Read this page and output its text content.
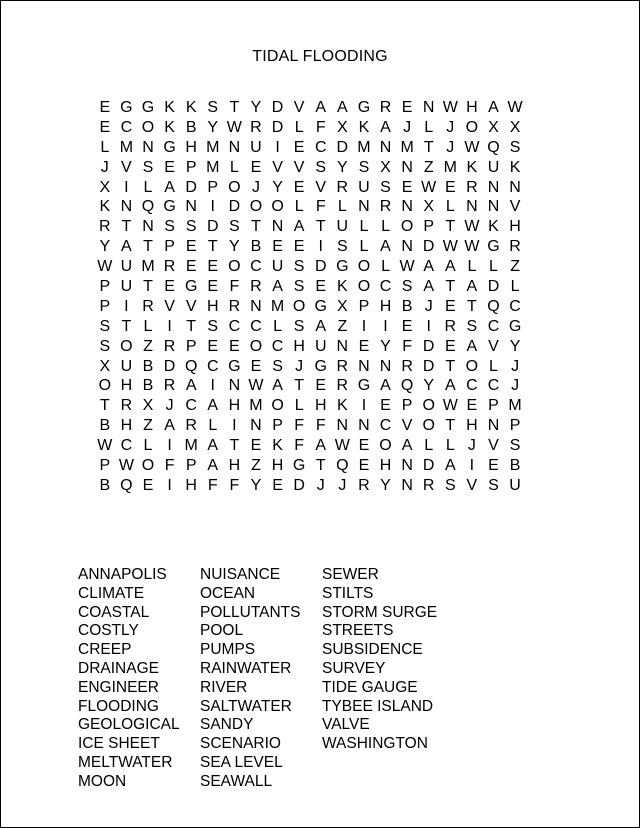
TIDAL FLOODING
E G G K K S T Y D V A A G R E N W H A W
E C O K B Y W R D L F X K A J L J O X X
L M N G H M N U I E C D M N M T J W Q S
J V S E P M L E V V S Y S X N Z M K U K
X I L A D P O J Y E V R U S E W E R N N
K N Q G N I D O O L F L N R N X L N N V
R T N S S D S T N A T U L L O P T W K H
Y A T P E T Y B E E I S L A N D W W G R
W U M R E E O C U S D G O L W A A L L Z
P U T E G E F R A S E K O C S A T A D L
P I R V V H R N M O G X P H B J E T Q C
S T L I T S C C L S A Z I	I E I R S C G
S O Z R P E E O C H U N E Y F D E A V Y
X U B D Q C G E S J G R N N R D T O L J
O H B R A I N W A T E R G A Q Y A C C J
T R X J C A H M O L H K I E P O W E P M
B H Z A R L I N P F F N N C V O T H N P
W C L I M A T E K F A W E O A L L J V S
P W O F P A H Z H G T Q E H N D A I E B
B Q E I H F F Y E D J J R Y N R S V S U
ANNAPOLIS
CLIMATE
COASTAL
COSTLY
CREEP
DRAINAGE
ENGINEER
FLOODING
GEOLOGICAL
ICE SHEET
MELTWATER
MOON
NUISANCE
OCEAN
POLLUTANTS
POOL
PUMPS
RAINWATER
RIVER
SALTWATER
SANDY
SCENARIO
SEA LEVEL
SEAWALL
SEWER
STILTS
STORM SURGE
STREETS
SUBSIDENCE
SURVEY
TIDE GAUGE
TYBEE ISLAND
VALVE
WASHINGTON
